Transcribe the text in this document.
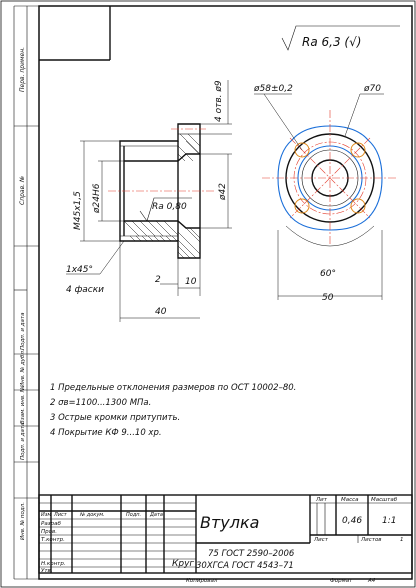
Перв. примен.
Справ. №
Подп. и дата
Инв. № дубл.
Взам. инв. №
Подп. и дата
Инв. № подл.
Ra 6,3 (√)
М45х1,5 ø24H6	ø42
4 отв. ø9
Ra 0,80
1х45°
4 фаски
2	10
40
ø58±0,2	ø70
60°
50
1 Предельные отклонения размеров по ОСТ 10002–80.
2 σв=1100...1300 МПа.
3 Острые кромки притупить.
4 Покрытие КФ 9...10 хр.
Изм Лист	№ докум.	Подп. Дата
Разраб
Пров.
Т.контр.
Н.контр.
Утв.
Втулка
75 ГОСТ 2590–2006
Круг 30ХГСА ГОСТ 4543–71
Лит	Масса Масштаб
0,46 1:1
Лист	Листов	1
Копировал	Формат	А4
